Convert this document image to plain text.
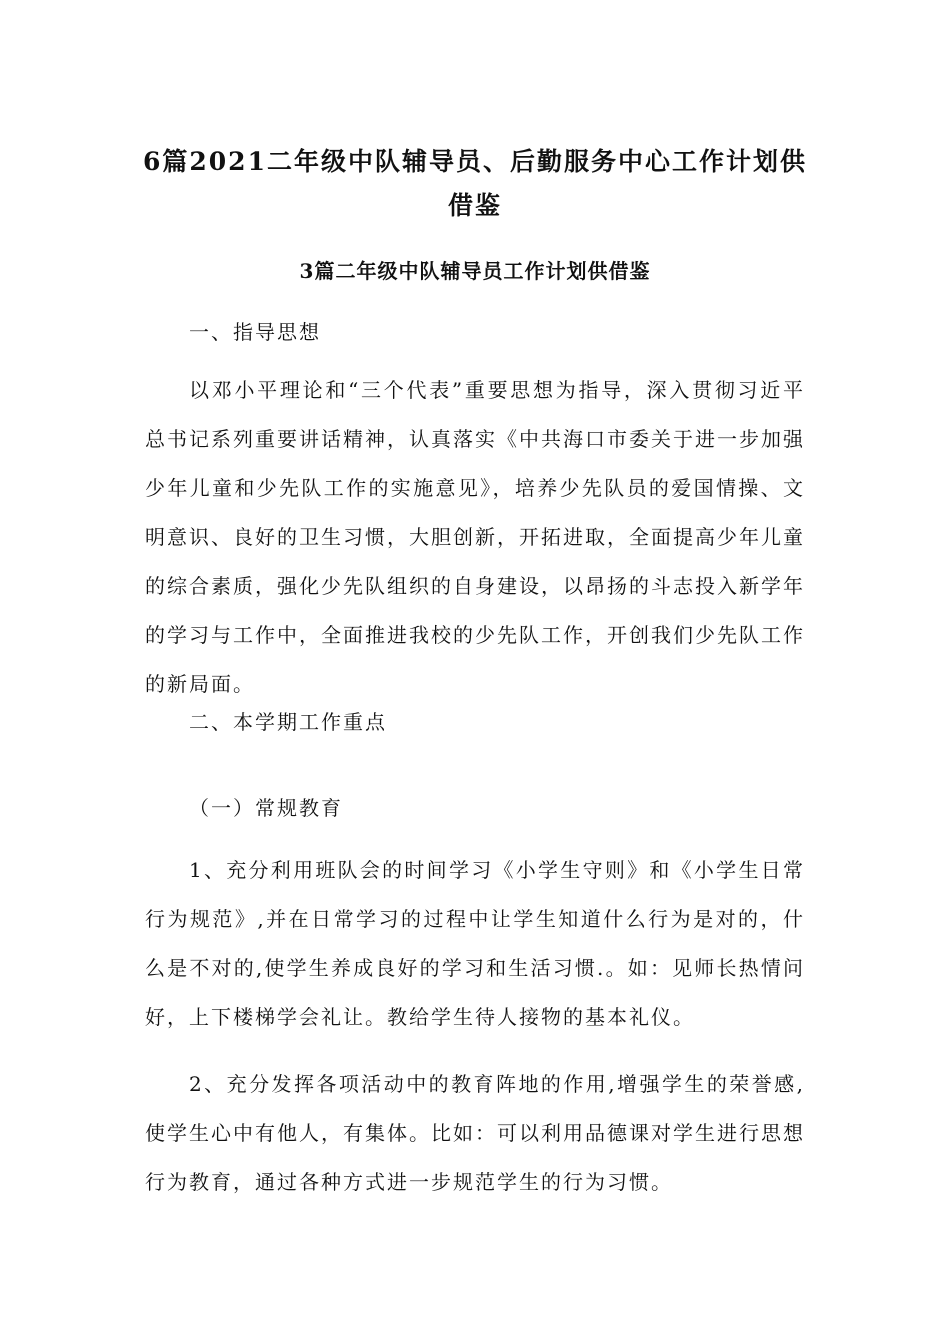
6篇2021二年级中队辅导员、后勤服务中心工作计划供借鉴
3篇二年级中队辅导员工作计划供借鉴
一、指导思想

以邓小平理论和“三个代表”重要思想为指导，深入贯彻习近平总书记系列重要讲话精神，认真落实《中共海口市委关于进一步加强少年儿童和少先队工作的实施意见》，培养少先队员的爱国情操、文明意识、良好的卫生习惯，大胆创新，开拓进取，全面提高少年儿童的综合素质，强化少先队组织的自身建设，以昂扬的斗志投入新学年的学习与工作中，全面推进我校的少先队工作，开创我们少先队工作的新局面。

二、本学期工作重点
（一）常规教育

1、充分利用班队会的时间学习《小学生守则》和《小学生日常行为规范》,并在日常学习的过程中让学生知道什么行为是对的，什么是不对的,使学生养成良好的学习和生活习惯.。如：见师长热情问好，上下楼梯学会礼让。教给学生待人接物的基本礼仪。

2、充分发挥各项活动中的教育阵地的作用,增强学生的荣誉感,使学生心中有他人，有集体。比如：可以利用品德课对学生进行思想行为教育，通过各种方式进一步规范学生的行为习惯。
